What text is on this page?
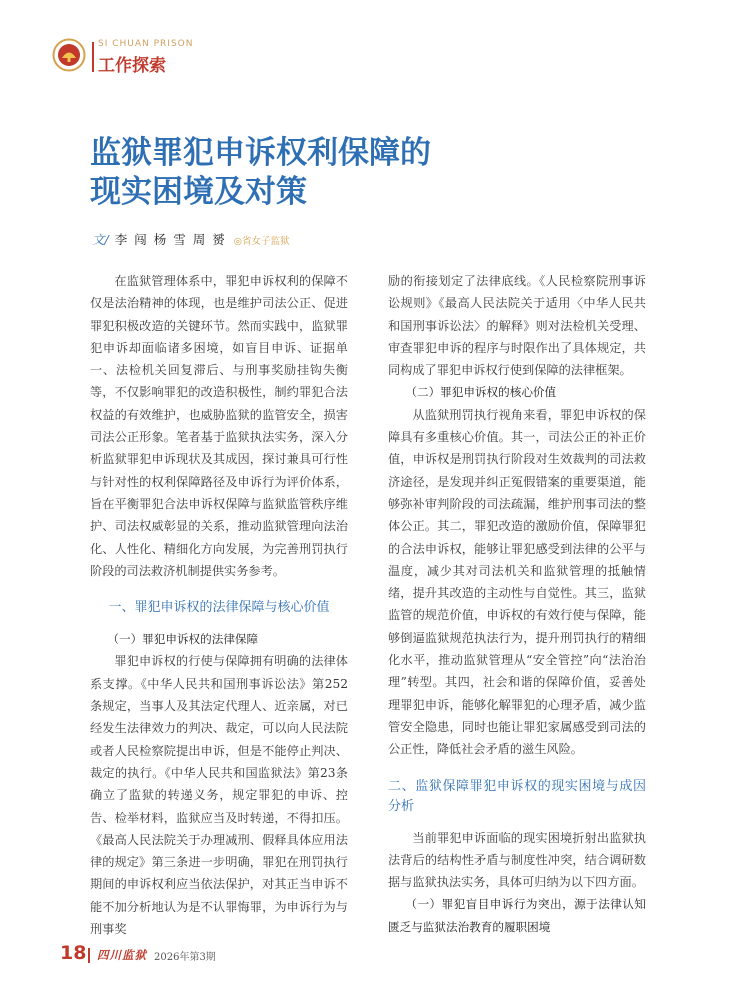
SI CHUAN PRISON
工作探索
监狱罪犯申诉权利保障的
现实困境及对策
文/ 李闯杨雪周赟 ◎省女子监狱

在监狱管理体系中，罪犯申诉权利的保障不仅是法治精神的体现，也是维护司法公正、促进罪犯积极改造的关键环节。然而实践中，监狱罪犯申诉却面临诸多困境，如盲目申诉、证据单一、法检机关回复滞后、与刑事奖励挂钩失衡等，不仅影响罪犯的改造积极性，制约罪犯合法权益的有效维护，也威胁监狱的监管安全，损害司法公正形象。笔者基于监狱执法实务，深入分析监狱罪犯申诉现状及其成因，探讨兼具可行性与针对性的权利保障路径及申诉行为评价体系，旨在平衡罪犯合法申诉权保障与监狱监管秩序维护、司法权威彰显的关系，推动监狱管理向法治化、人性化、精细化方向发展，为完善刑罚执行阶段的司法救济机制提供实务参考。

一、罪犯申诉权的法律保障与核心价值
（一）罪犯申诉权的法律保障

罪犯申诉权的行使与保障拥有明确的法律体系支撑。《中华人民共和国刑事诉讼法》第252条规定，当事人及其法定代理人、近亲属，对已经发生法律效力的判决、裁定，可以向人民法院或者人民检察院提出申诉，但是不能停止判决、裁定的执行。《中华人民共和国监狱法》第23条确立了监狱的转递义务，规定罪犯的申诉、控告、检举材料，监狱应当及时转递，不得扣压。《最高人民法院关于办理减刑、假释具体应用法律的规定》第三条进一步明确，罪犯在刑罚执行期间的申诉权利应当依法保护，对其正当申诉不能不加分析地认为是不认罪悔罪，为申诉行为与刑事奖

励的衔接划定了法律底线。《人民检察院刑事诉讼规则》《最高人民法院关于适用〈中华人民共和国刑事诉讼法〉的解释》则对法检机关受理、审查罪犯申诉的程序与时限作出了具体规定，共同构成了罪犯申诉权行使到保障的法律框架。

（二）罪犯申诉权的核心价值

从监狱刑罚执行视角来看，罪犯申诉权的保障具有多重核心价值。其一，司法公正的补正价值，申诉权是刑罚执行阶段对生效裁判的司法救济途径，是发现并纠正冤假错案的重要渠道，能够弥补审判阶段的司法疏漏，维护刑事司法的整体公正。其二，罪犯改造的激励价值，保障罪犯的合法申诉权，能够让罪犯感受到法律的公平与温度，减少其对司法机关和监狱管理的抵触情绪，提升其改造的主动性与自觉性。其三，监狱监管的规范价值，申诉权的有效行使与保障，能够倒逼监狱规范执法行为，提升刑罚执行的精细化水平，推动监狱管理从“安全管控”向“法治治理”转型。其四，社会和谐的保障价值，妥善处理罪犯申诉，能够化解罪犯的心理矛盾，减少监管安全隐患，同时也能让罪犯家属感受到司法的公正性，降低社会矛盾的滋生风险。

二、监狱保障罪犯申诉权的现实困境与成因分析

当前罪犯申诉面临的现实困境折射出监狱执法背后的结构性矛盾与制度性冲突，结合调研数据与监狱执法实务，具体可归纳为以下四方面。

（一）罪犯盲目申诉行为突出，源于法律认知匮乏与监狱法治教育的履职困境
18 四川监狱 2026年第3期
